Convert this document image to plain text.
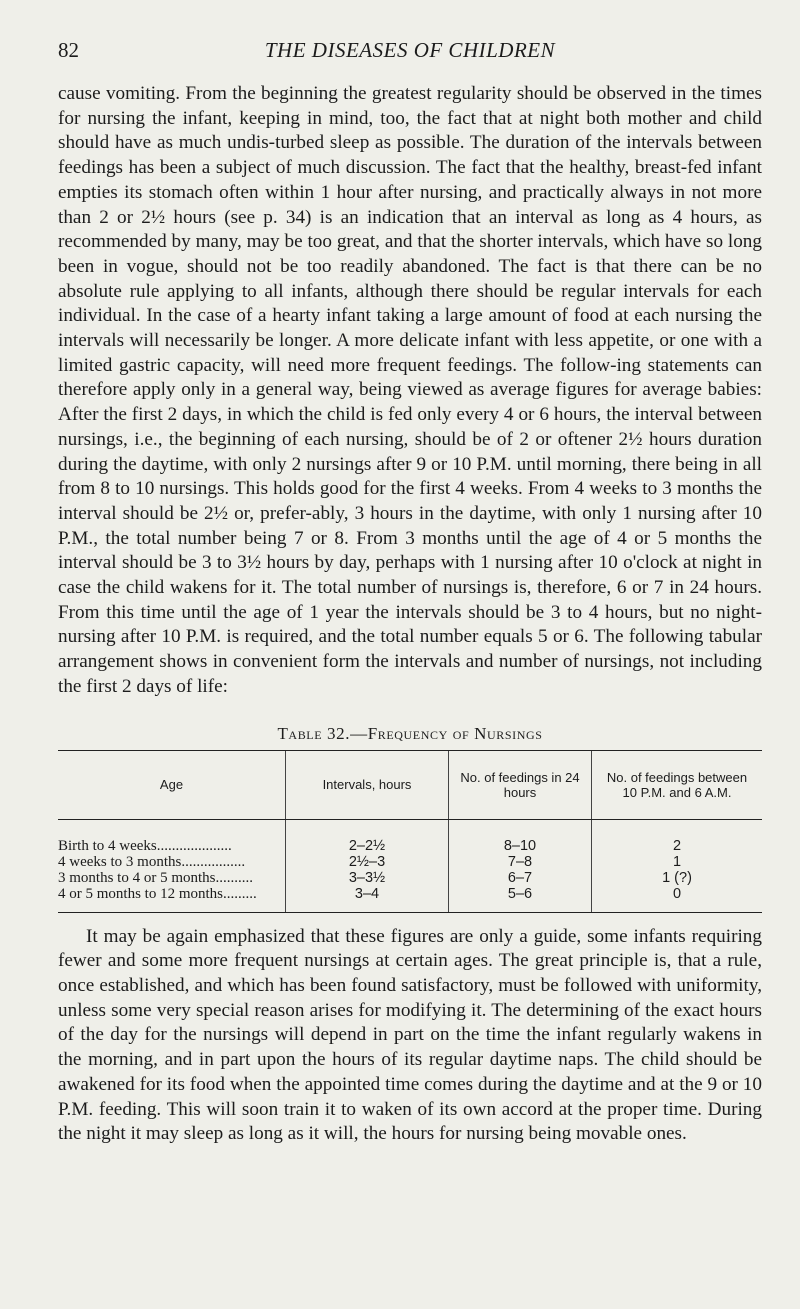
82	THE DISEASES OF CHILDREN

cause vomiting. From the beginning the greatest regularity should be observed in the times for nursing the infant, keeping in mind, too, the fact that at night both mother and child should have as much undis-turbed sleep as possible. The duration of the intervals between feedings has been a subject of much discussion. The fact that the healthy, breast-fed infant empties its stomach often within 1 hour after nursing, and practically always in not more than 2 or 2½ hours (see p. 34) is an indication that an interval as long as 4 hours, as recommended by many, may be too great, and that the shorter intervals, which have so long been in vogue, should not be too readily abandoned. The fact is that there can be no absolute rule applying to all infants, although there should be regular intervals for each individual. In the case of a hearty infant taking a large amount of food at each nursing the intervals will necessarily be longer. A more delicate infant with less appetite, or one with a limited gastric capacity, will need more frequent feedings. The follow-ing statements can therefore apply only in a general way, being viewed as average figures for average babies: After the first 2 days, in which the child is fed only every 4 or 6 hours, the interval between nursings, i.e., the beginning of each nursing, should be of 2 or oftener 2½ hours duration during the daytime, with only 2 nursings after 9 or 10 P.M. until morning, there being in all from 8 to 10 nursings. This holds good for the first 4 weeks. From 4 weeks to 3 months the interval should be 2½ or, prefer-ably, 3 hours in the daytime, with only 1 nursing after 10 P.M., the total number being 7 or 8. From 3 months until the age of 4 or 5 months the interval should be 3 to 3½ hours by day, perhaps with 1 nursing after 10 o'clock at night in case the child wakens for it. The total number of nursings is, therefore, 6 or 7 in 24 hours. From this time until the age of 1 year the intervals should be 3 to 4 hours, but no night-nursing after 10 P.M. is required, and the total number equals 5 or 6. The following tabular arrangement shows in convenient form the intervals and number of nursings, not including the first 2 days of life:

Table 32.—Frequency of Nursings
Age	Intervals, hours	No. of feedings in 24 hours	No. of feedings between 10 P.M. and 6 A.M.
Birth to 4 weeks....................	2–2½	8–10	2
4 weeks to 3 months.................	2½–3	7–8	1
3 months to 4 or 5 months..........	3–3½	6–7	1 (?)
4 or 5 months to 12 months.........	3–4	5–6	0

It may be again emphasized that these figures are only a guide, some infants requiring fewer and some more frequent nursings at certain ages. The great principle is, that a rule, once established, and which has been found satisfactory, must be followed with uniformity, unless some very special reason arises for modifying it. The determining of the exact hours of the day for the nursings will depend in part on the time the infant regularly wakens in the morning, and in part upon the hours of its regular daytime naps. The child should be awakened for its food when the appointed time comes during the daytime and at the 9 or 10 P.M. feeding. This will soon train it to waken of its own accord at the proper time. During the night it may sleep as long as it will, the hours for nursing being movable ones.
